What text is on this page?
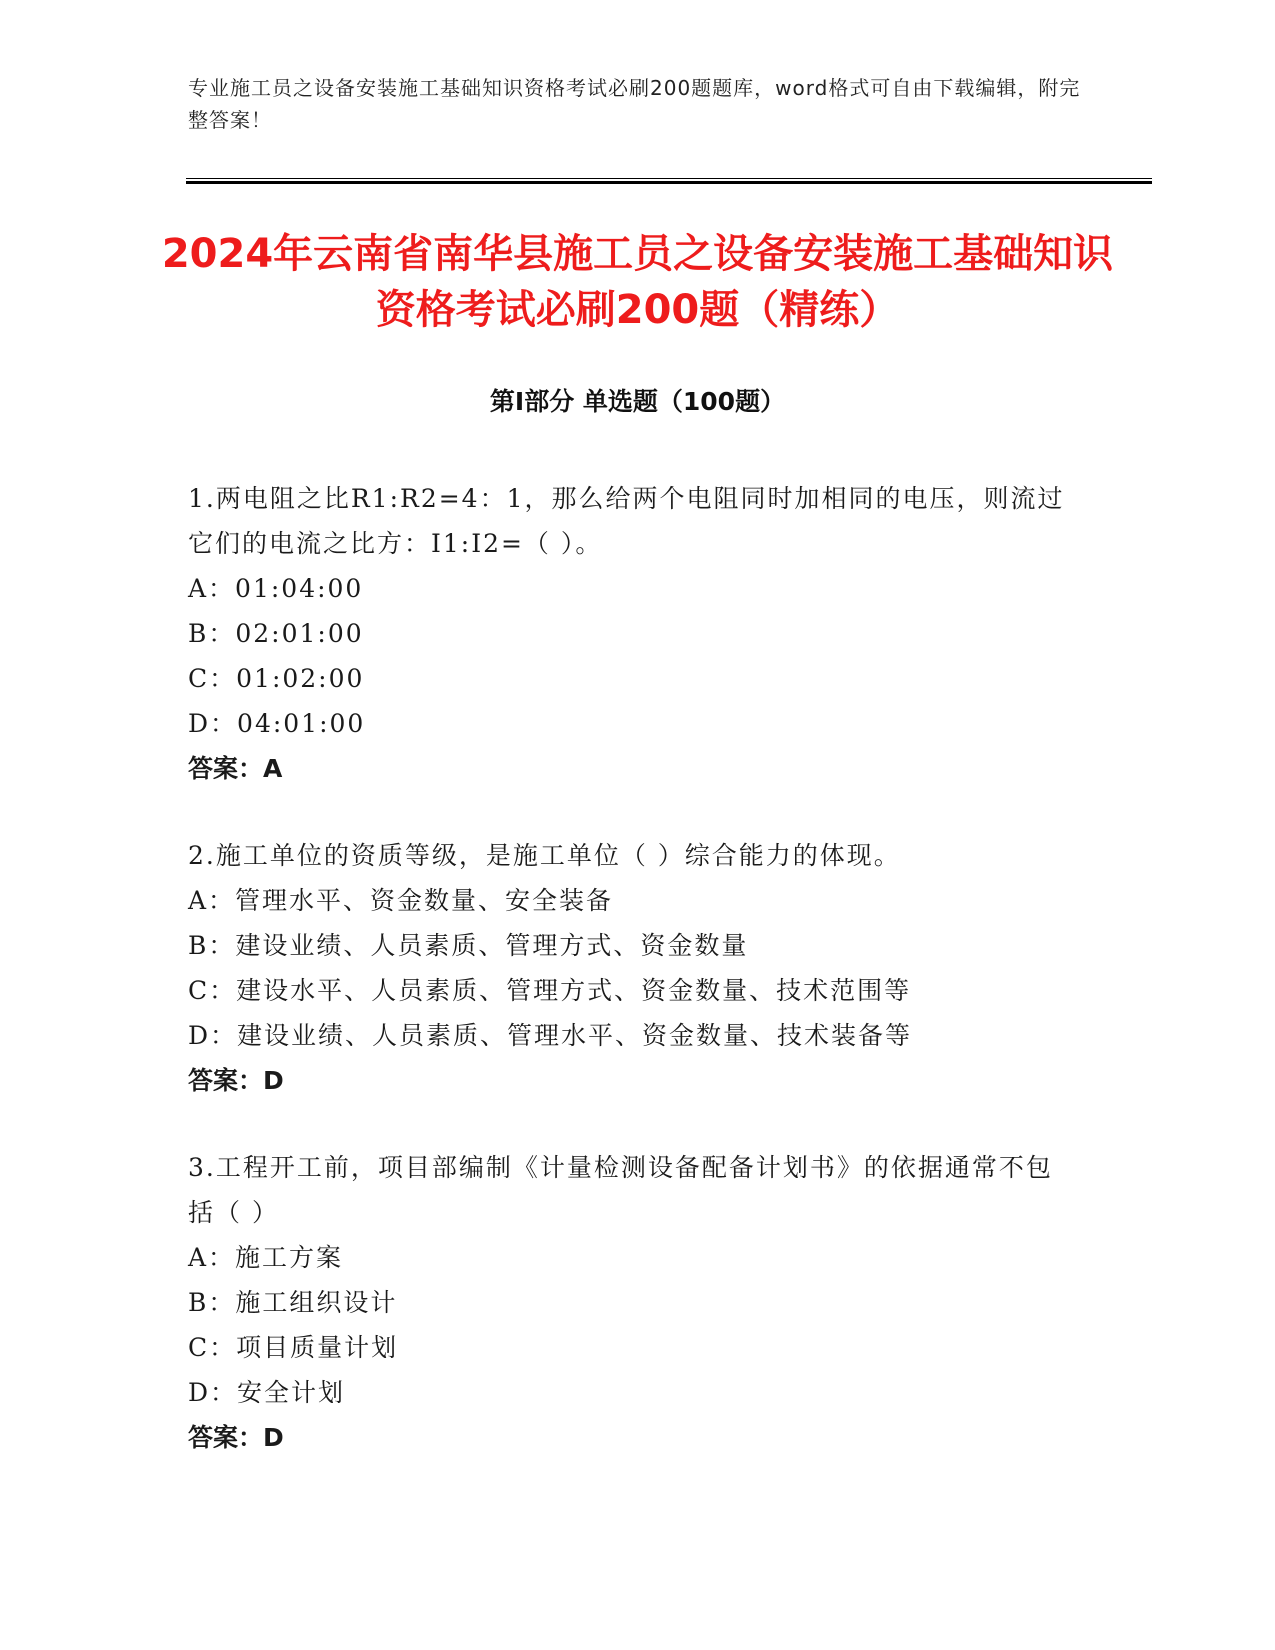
专业施工员之设备安装施工基础知识资格考试必刷200题题库，word格式可自由下载编辑，附完整答案！
2024年云南省南华县施工员之设备安装施工基础知识资格考试必刷200题（精练）
第Ⅰ部分 单选题（100题）

1.两电阻之比R1:R2=4：1，那么给两个电阻同时加相同的电压，则流过它们的电流之比方：I1:I2=（ ）。

A：01:04:00

B：02:01:00

C：01:02:00

D：04:01:00

答案：A

2.施工单位的资质等级，是施工单位（ ）综合能力的体现。

A：管理水平、资金数量、安全装备

B：建设业绩、人员素质、管理方式、资金数量

C：建设水平、人员素质、管理方式、资金数量、技术范围等

D：建设业绩、人员素质、管理水平、资金数量、技术装备等

答案：D

3.工程开工前，项目部编制《计量检测设备配备计划书》的依据通常不包括（ ）

A：施工方案

B：施工组织设计

C：项目质量计划

D：安全计划

答案：D
